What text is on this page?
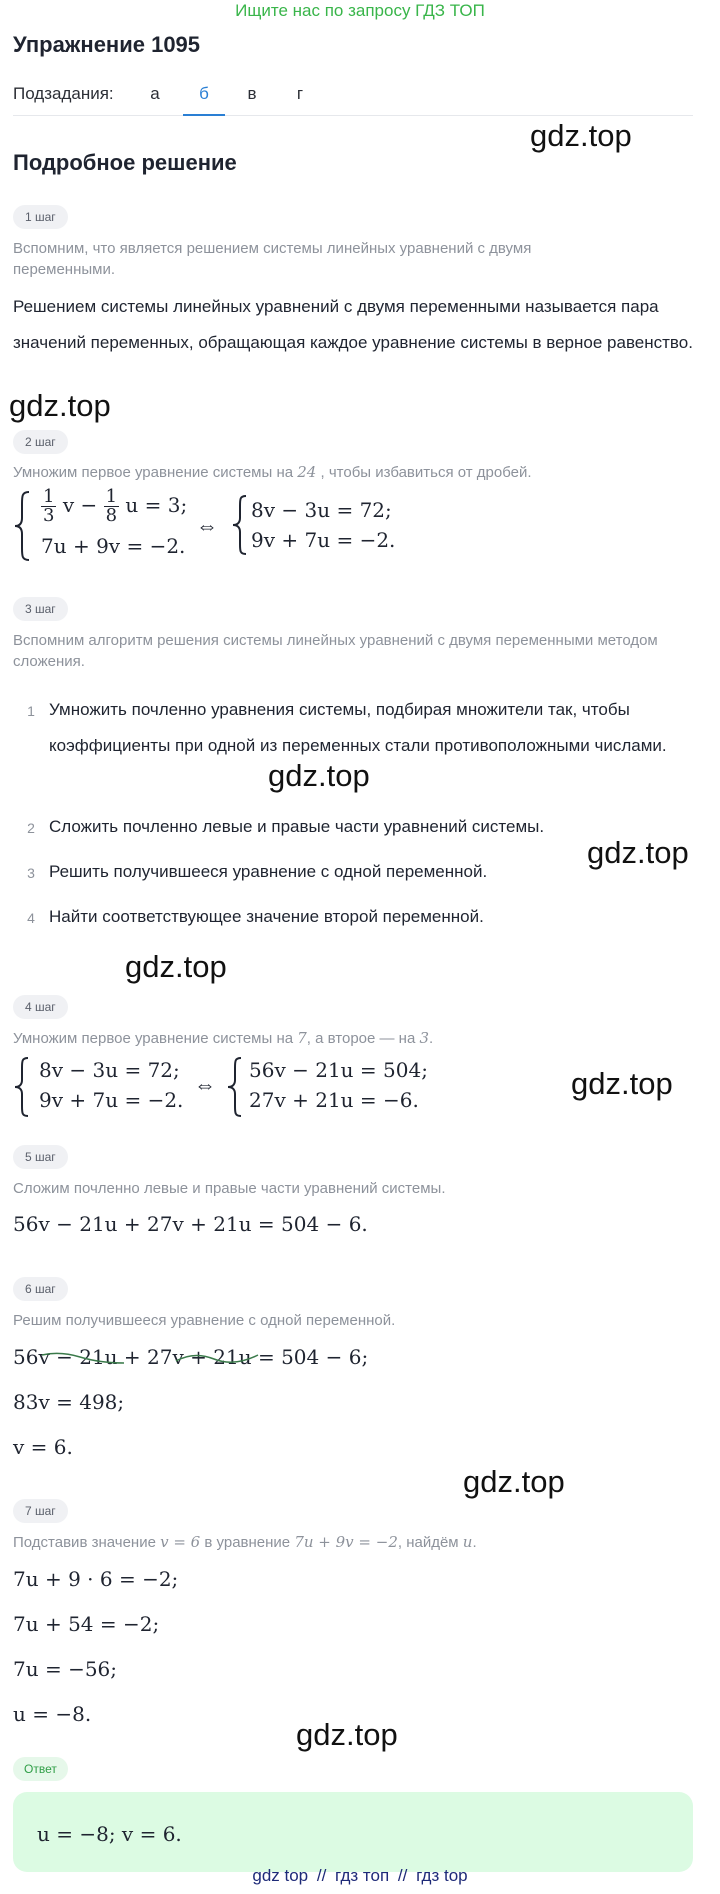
Ищите нас по запросу ГДЗ ТОП
Упражнение 1095
Подзадания:	а	б	в	г
gdz.top
gdz.top
gdz.top
gdz.top
gdz.top
gdz.top
gdz.top
gdz.top
Подробное решение
1 шаг
Вспомним, что является решением системы линейных уравнений с двумя переменными.
Решением системы линейных уравнений с двумя переменными называется пара значений переменных, обращающая каждое уравнение системы в верное равенство.
2 шаг
Умножим первое уравнение системы на 24 , чтобы избавиться от дробей.
$\frac{1}{3}$ $v - \frac{1}{8}$ u = 3;
7u + 9v = −2.
⇔
8v − 3u = 72;
9v + 7u = −2.
3 шаг
Вспомним алгоритм решения системы линейных уравнений с двумя переменными методом сложения.
1 Умножить почленно уравнения системы, подбирая множители так, чтобы коэффициенты при одной из переменных стали противоположными числами.
2 Сложить почленно левые и правые части уравнений системы.
3 Решить получившееся уравнение с одной переменной.
4 Найти соответствующее значение второй переменной.
4 шаг
Умножим первое уравнение системы на 7, а второе — на 3.
8v − 3u = 72;
9v + 7u = −2.
⇔
56v − 21u = 504;
27v + 21u = −6.
5 шаг
Сложим почленно левые и правые части уравнений системы.
56v − 21u + 27v + 21u = 504 − 6.
6 шаг
Решим получившееся уравнение с одной переменной.
56v − 21u
+ 27v + 21u
= 504 − 6;
83v = 498;
v = 6.
7 шаг
Подставив значение v = 6 в уравнение 7u + 9v = −2, найдём u.
7u + 9 · 6 = −2;
7u + 54 = −2;
7u = −56;
u = −8.
Ответ
u = −8; v = 6.
gdz top // гдз топ // гдз top
